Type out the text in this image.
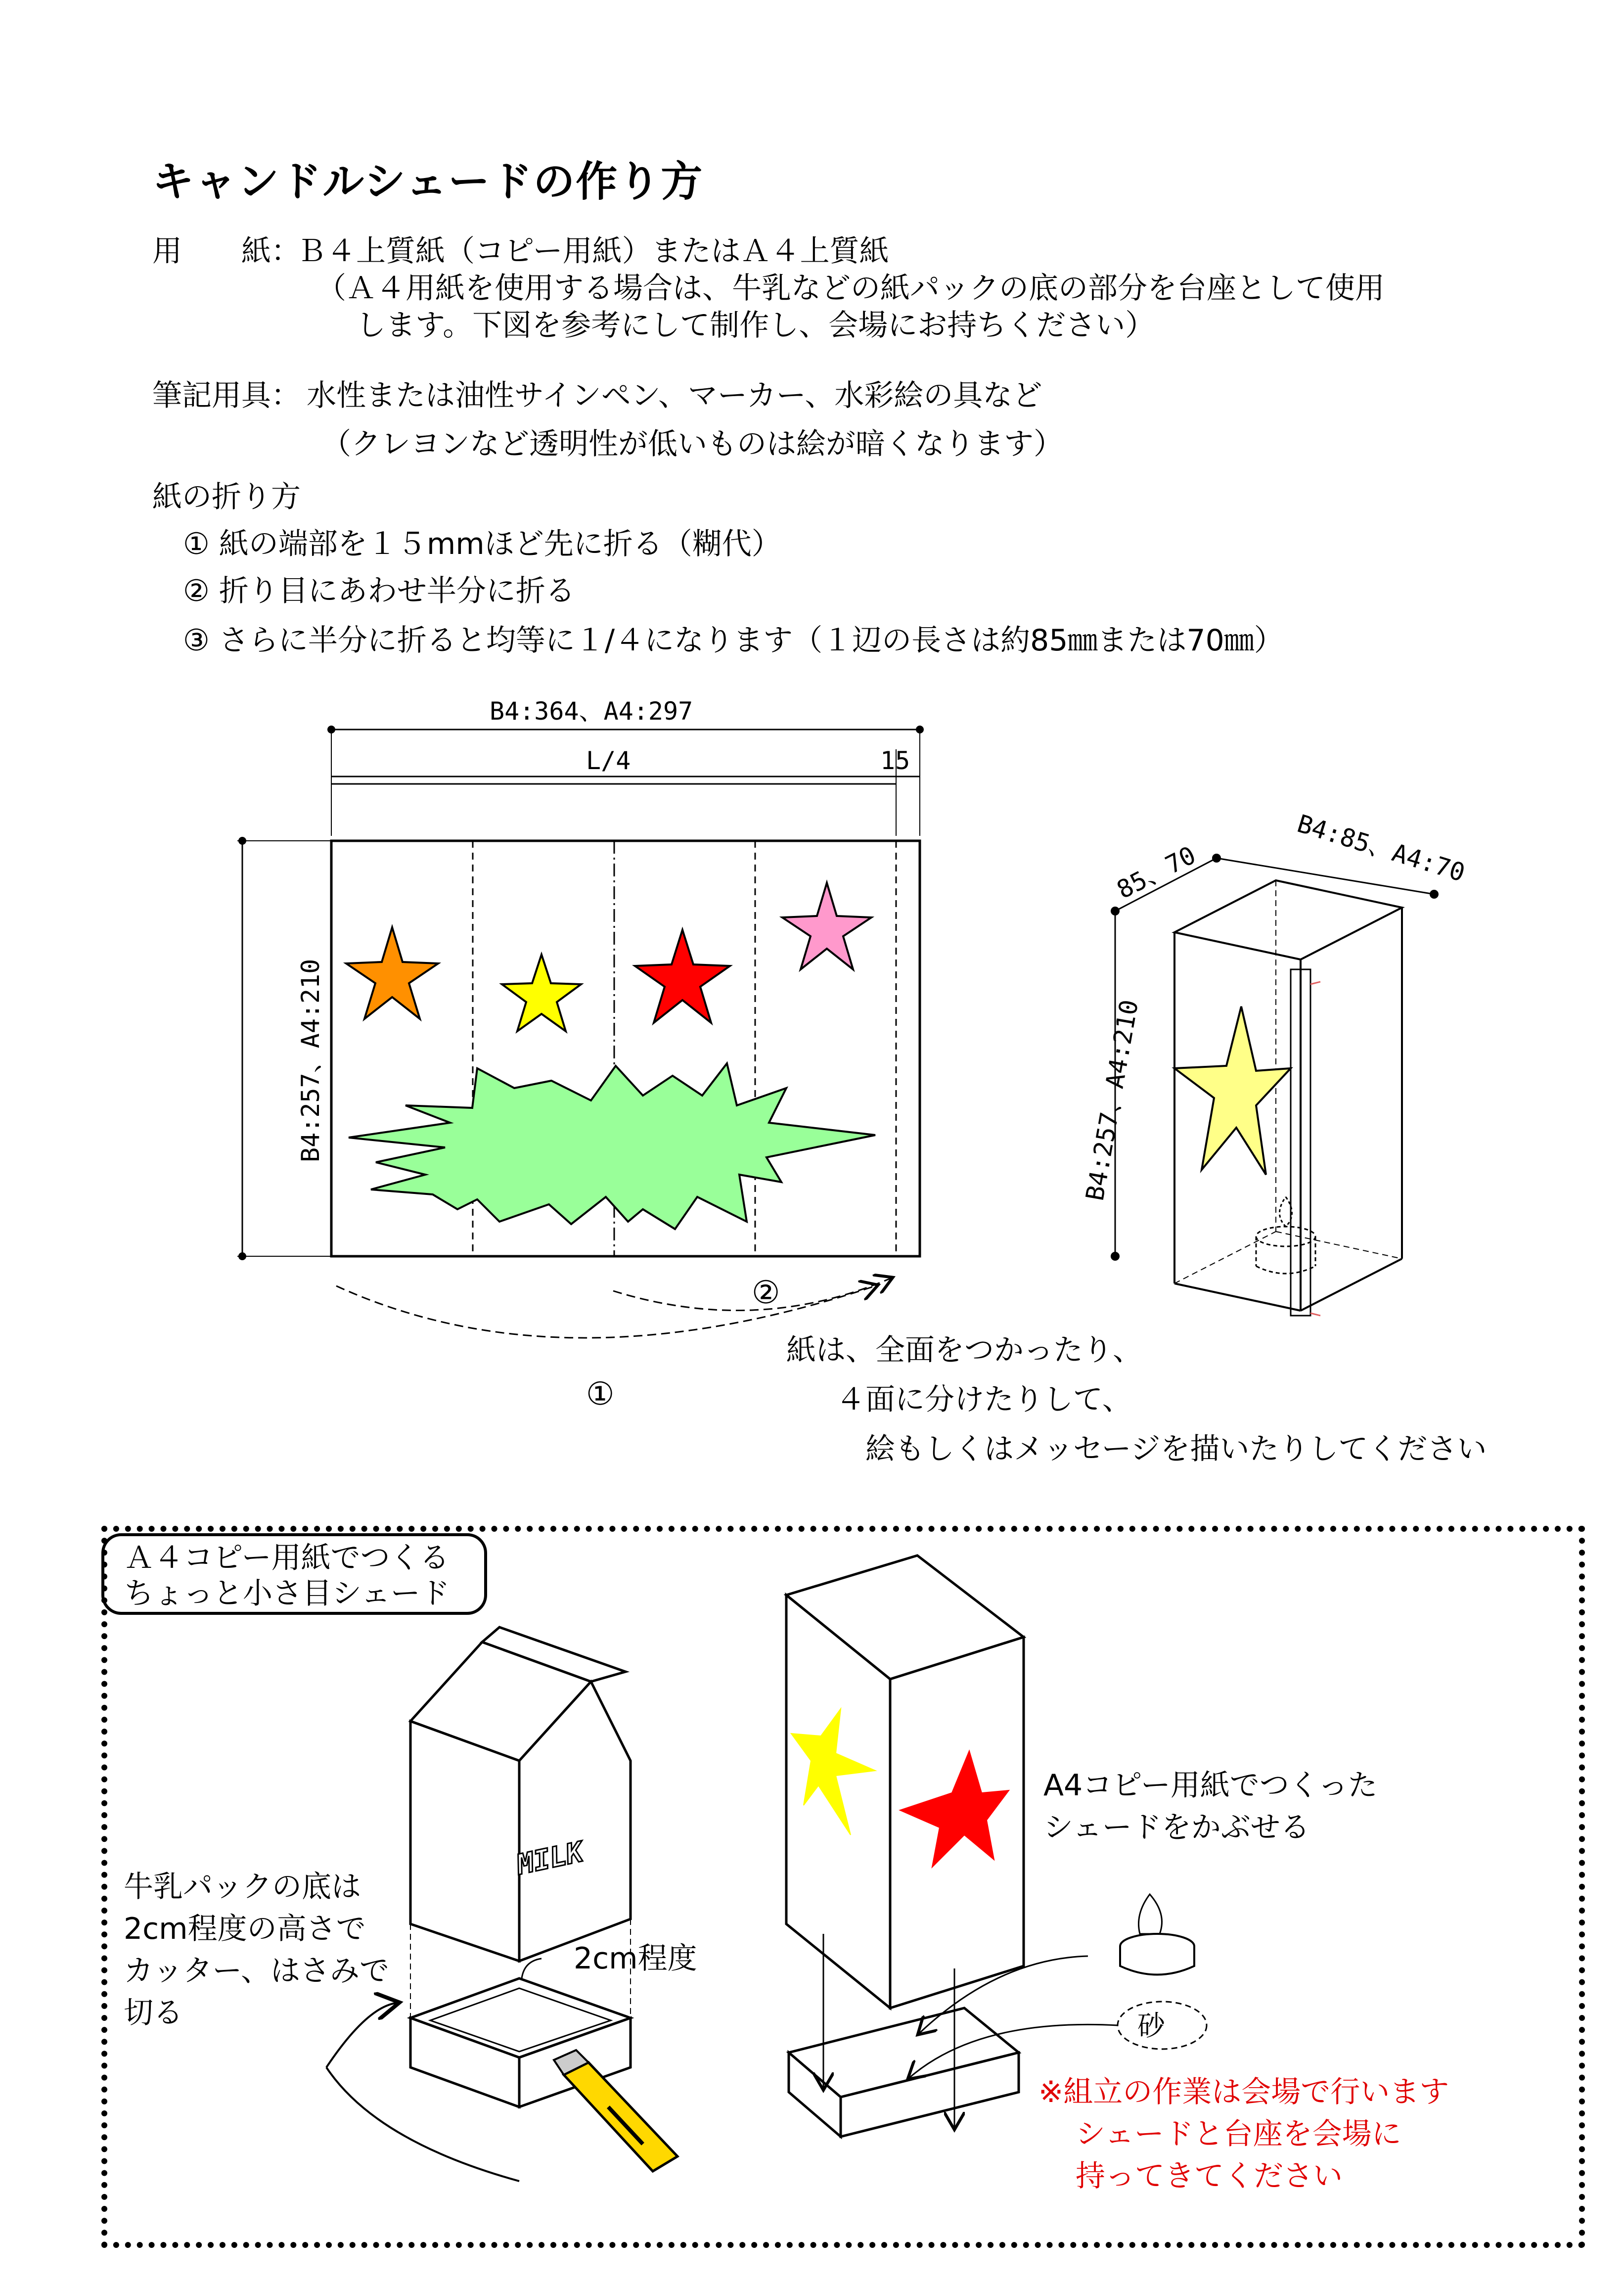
キャンドルシェードの作り方
用　　紙：
Ｂ４上質紙（コピー用紙）またはＡ４上質紙
（Ａ４用紙を使用する場合は、牛乳などの紙パックの底の部分を台座として使用
します。下図を参考にして制作し、会場にお持ちください）
筆記用具： 水性または油性サインペン、マーカー、水彩絵の具など
（クレヨンなど透明性が低いものは絵が暗くなります）
紙の折り方
① 紙の端部を１５mmほど先に折る（糊代）
② 折り目にあわせ半分に折る
③ さらに半分に折ると均等に１/４になります（１辺の長さは約85㎜または70㎜）
B4:364、A4:297
L/4	15
B4:257、A4:210
②
①
85、70	B4:85、A4:70
B4:257、A4:210
MILK
砂
紙は、全面をつかったり、
４面に分けたりして、
絵もしくはメッセージを描いたりしてください
Ａ４コピー用紙でつくる
ちょっと小さ目シェード
牛乳パックの底は
2cm程度の高さで
カッター、はさみで
切る
2cm程度
A4コピー用紙でつくった
シェードをかぶせる
※組立の作業は会場で行います
シェードと台座を会場に
持ってきてください
